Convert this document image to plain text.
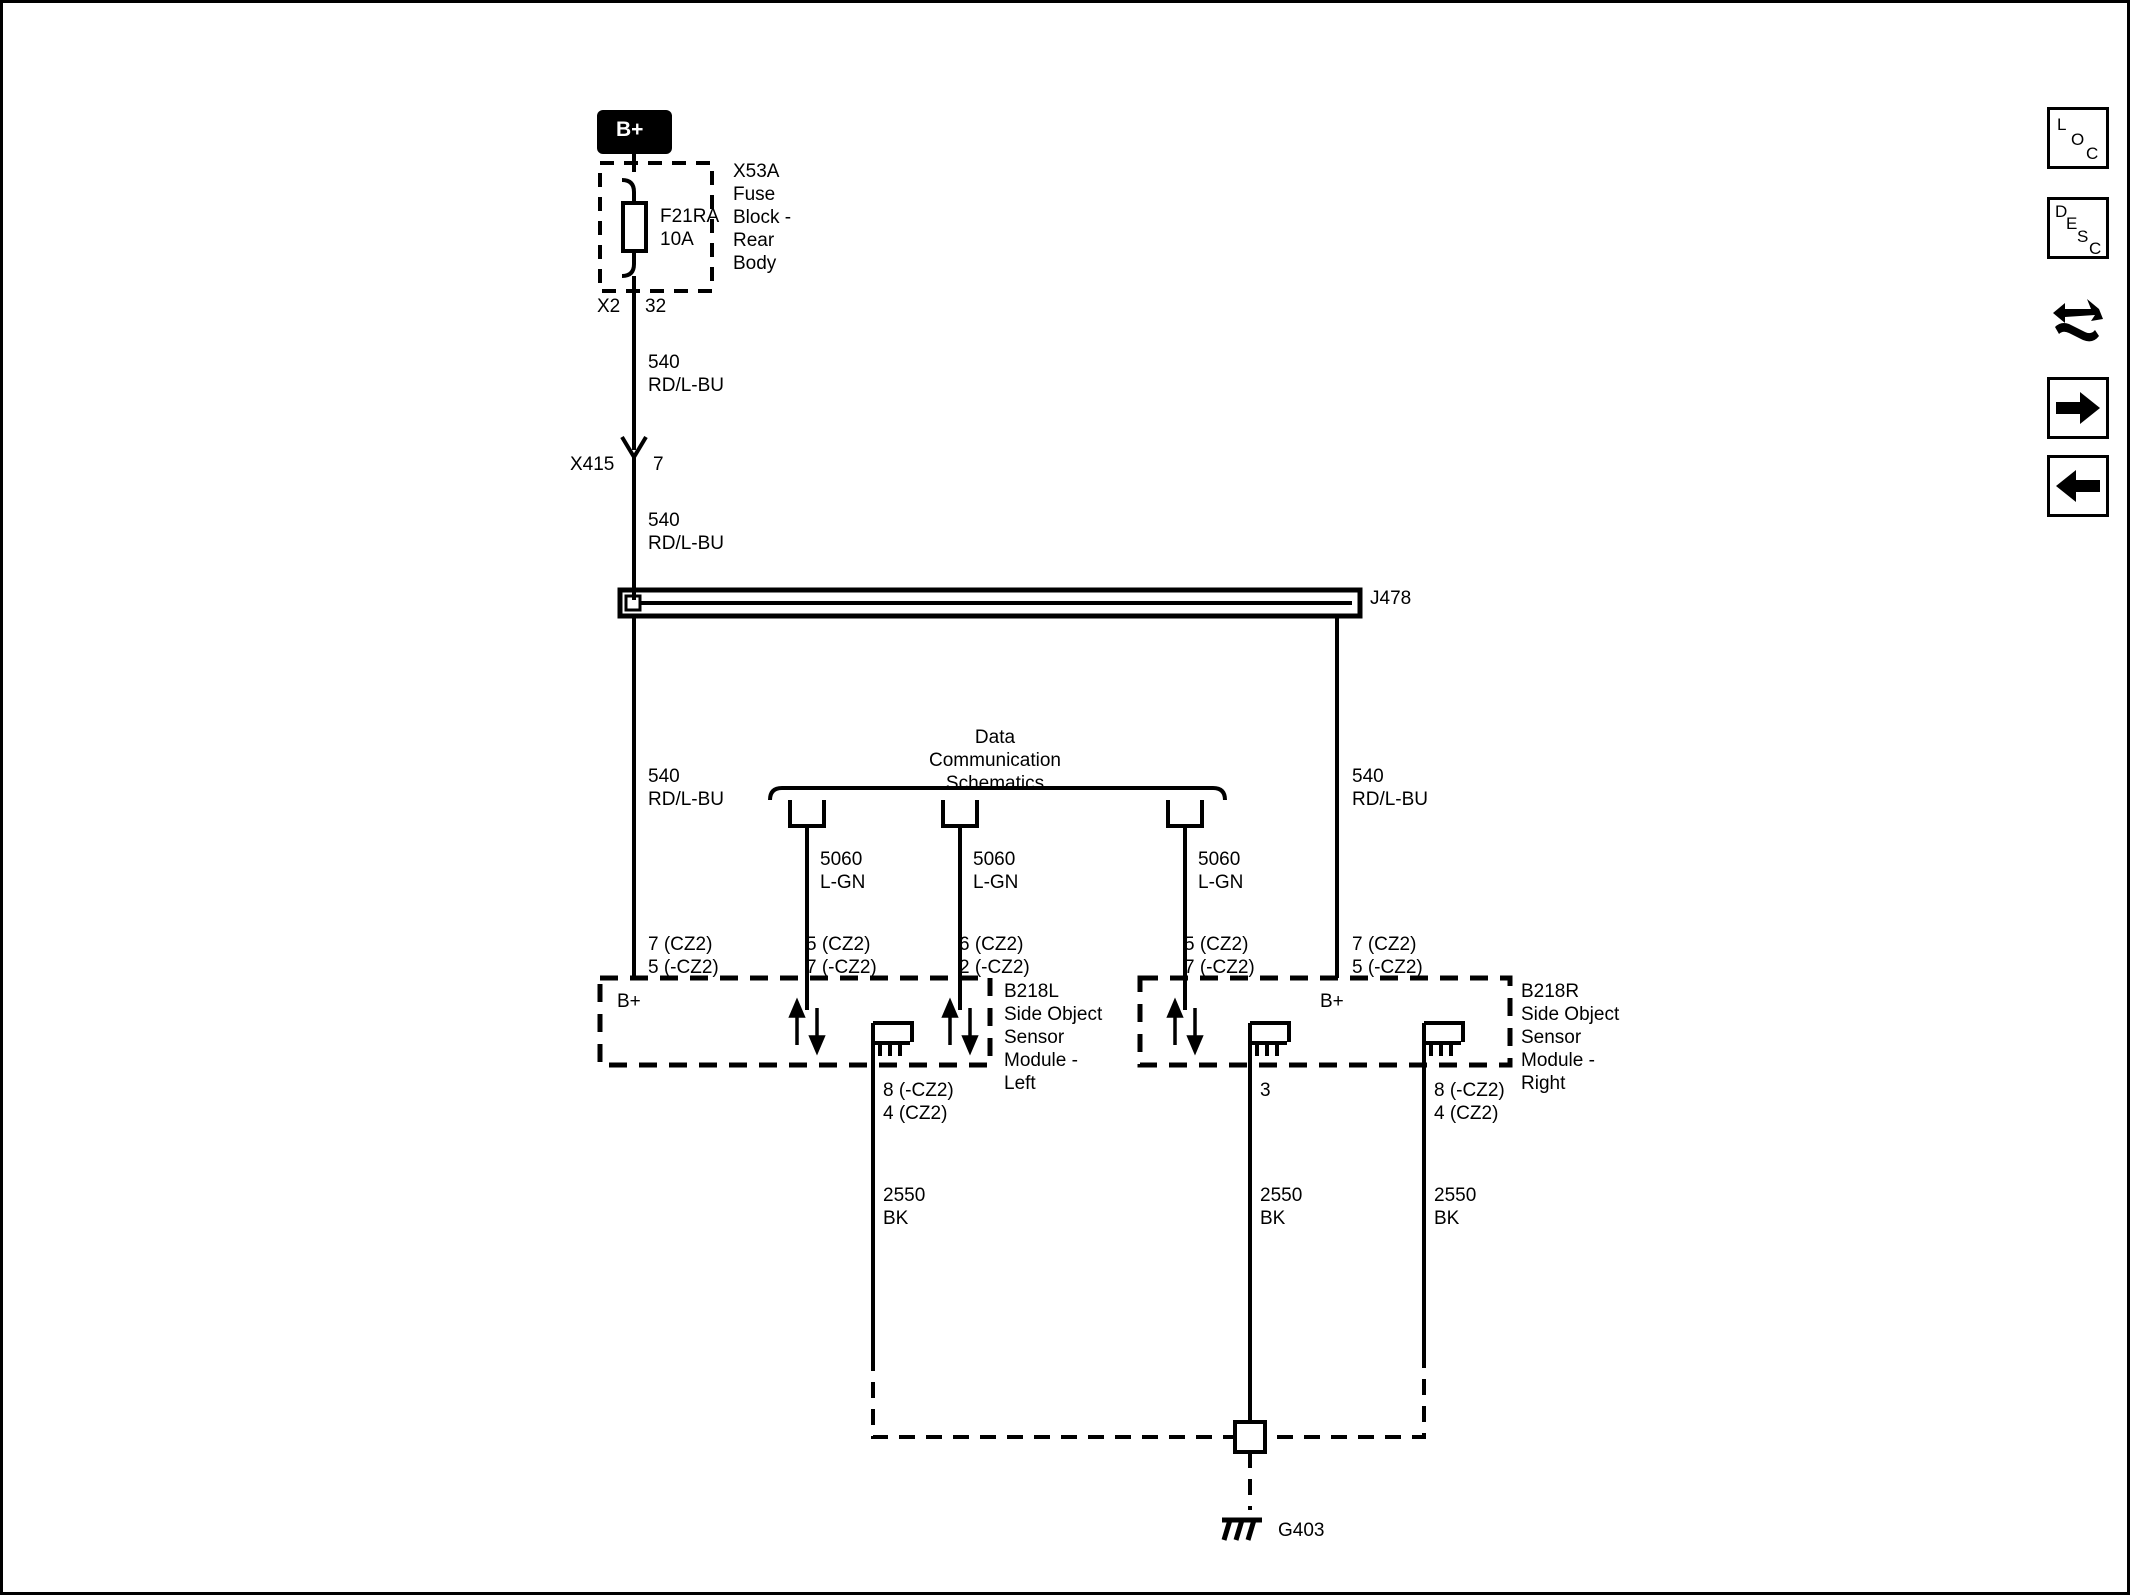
B+
F21RA
10A
X53A
Fuse
Block -
Rear
Body
X2 32
540
RD/L-BU
X415 7
540
RD/L-BU
J478
540
RD/L-BU
540
RD/L-BU
Data
Communication
Schematics
5060
L-GN
5060
L-GN
5060
L-GN
7 (CZ2)
5 (-CZ2)
5 (CZ2)
7 (-CZ2)
6 (CZ2)
2 (-CZ2)
5 (CZ2)
7 (-CZ2)
7 (CZ2)
5 (-CZ2)
B+	B+
B218L
Side Object
Sensor
Module -
Left
B218R
Side Object
Sensor
Module -
Right
8 (-CZ2)
4 (CZ2)
3	8 (-CZ2)
4 (CZ2)
2550
BK
2550
BK
2550
BK
G403
L
O
C
D
E
S
C
